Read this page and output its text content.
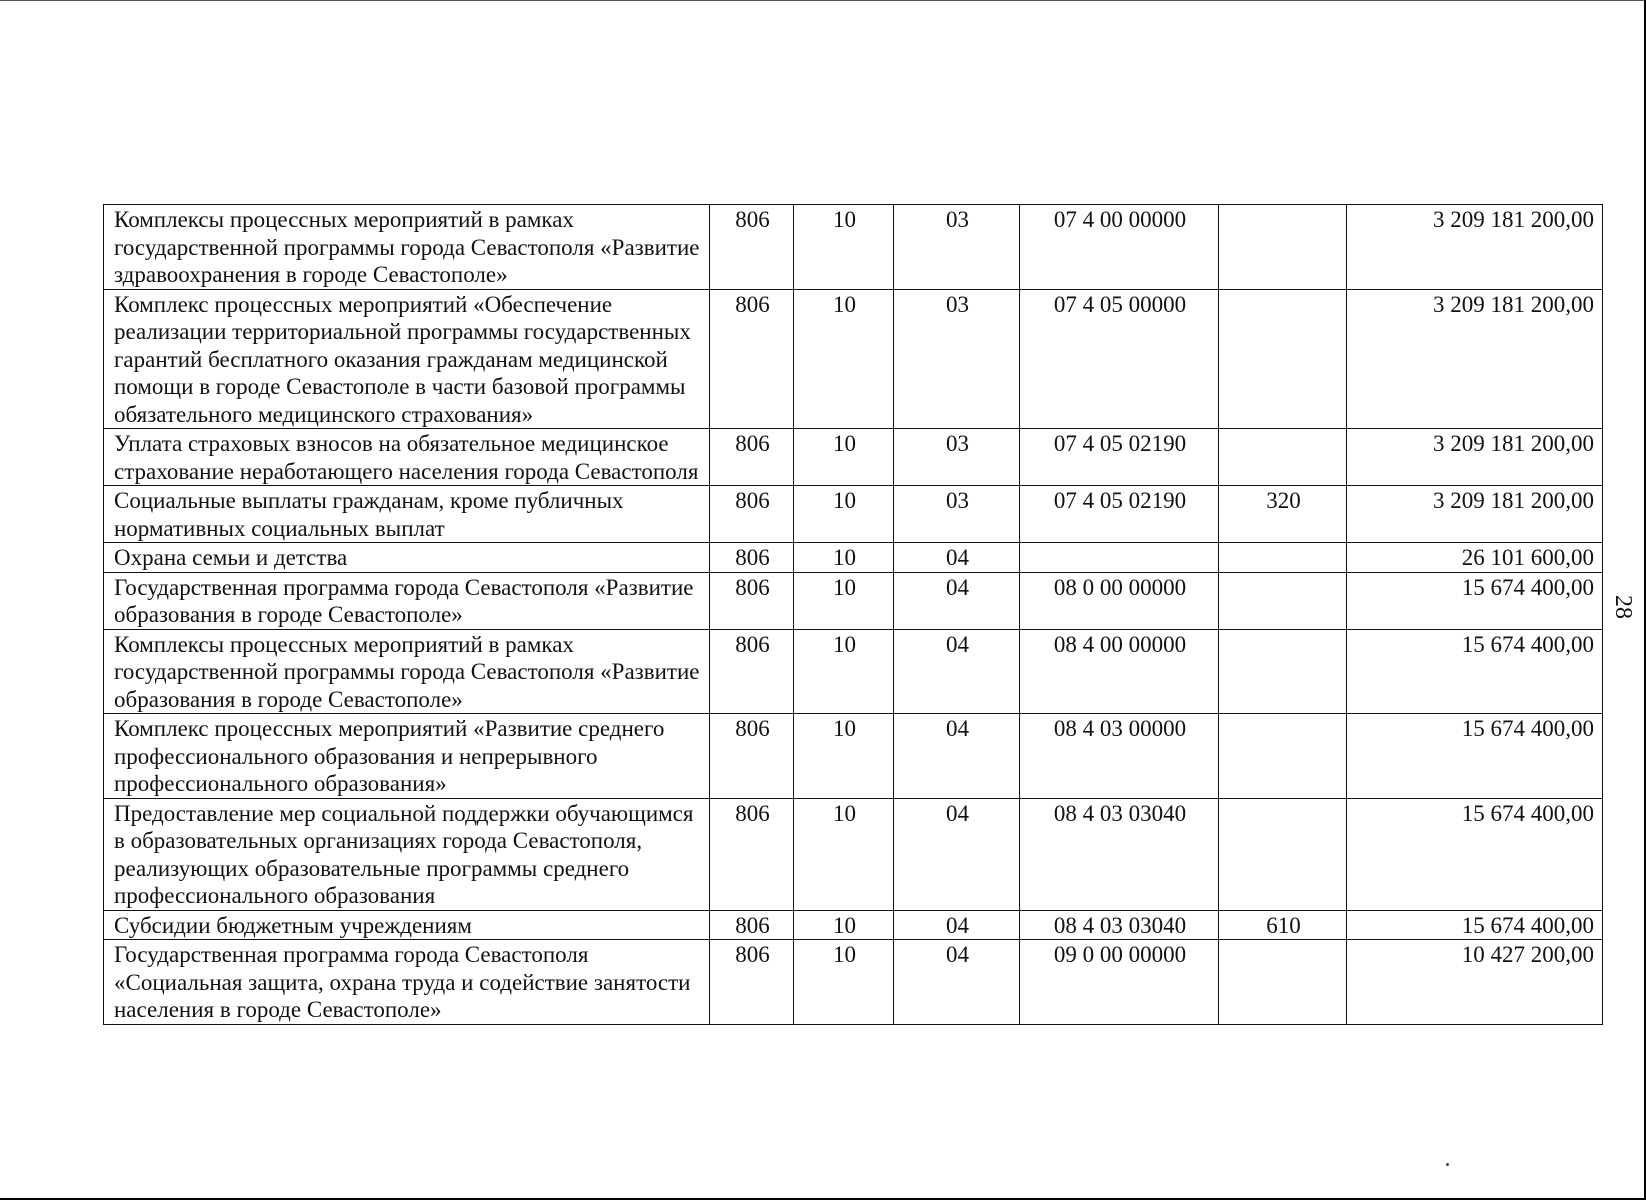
28
Комплексы процессных мероприятий в рамках государственной программы города Севастополя «Развитие здравоохранения в городе Севастополе»	806	10	03	07 4 00 00000		3 209 181 200,00
Комплекс процессных мероприятий «Обеспечение реализации территориальной программы государственных гарантий бесплатного оказания гражданам медицинской помощи в городе Севастополе в части базовой программы обязательного медицинского страхования»	806	10	03	07 4 05 00000		3 209 181 200,00
Уплата страховых взносов на обязательное медицинское страхование неработающего населения города Севастополя	806	10	03	07 4 05 02190		3 209 181 200,00
Социальные выплаты гражданам, кроме публичных нормативных социальных выплат	806	10	03	07 4 05 02190	320	3 209 181 200,00
Охрана семьи и детства	806	10	04			26 101 600,00
Государственная программа города Севастополя «Развитие образования в городе Севастополе»	806	10	04	08 0 00 00000		15 674 400,00
Комплексы процессных мероприятий в рамках государственной программы города Севастополя «Развитие образования в городе Севастополе»	806	10	04	08 4 00 00000		15 674 400,00
Комплекс процессных мероприятий «Развитие среднего профессионального образования и непрерывного профессионального образования»	806	10	04	08 4 03 00000		15 674 400,00
Предоставление мер социальной поддержки обучающимся в образовательных организациях города Севастополя, реализующих образовательные программы среднего профессионального образования	806	10	04	08 4 03 03040		15 674 400,00
Субсидии бюджетным учреждениям	806	10	04	08 4 03 03040	610	15 674 400,00
Государственная программа города Севастополя «Социальная защита, охрана труда и содействие занятости населения в городе Севастополе»	806	10	04	09 0 00 00000		10 427 200,00
